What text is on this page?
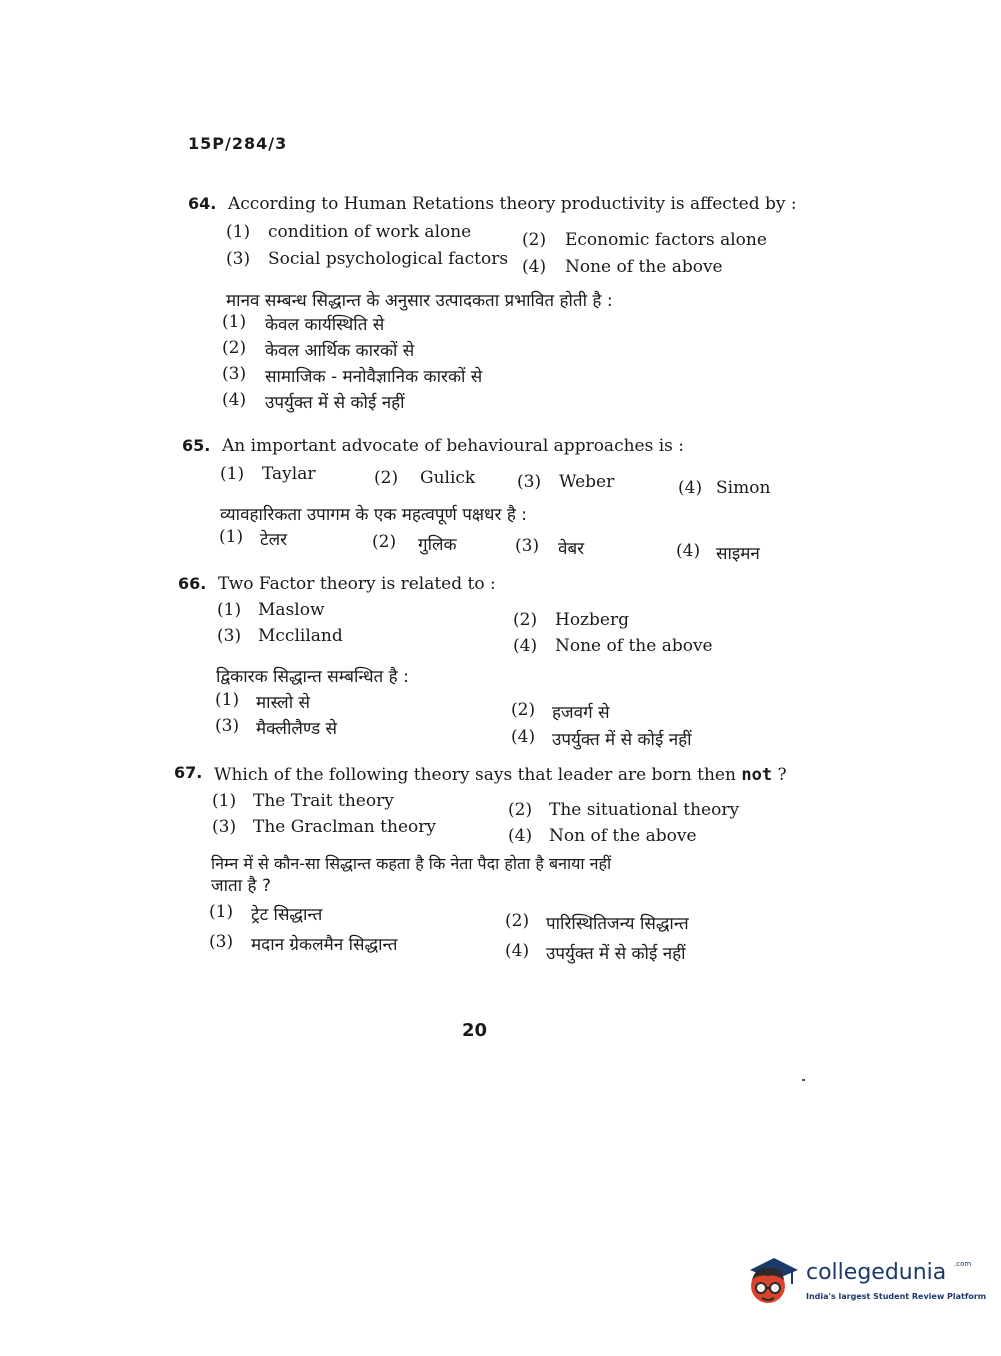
15P/284/3
64. According to Human Retations theory productivity is affected by :
(1) condition of work alone	(2) Economic factors alone
(3) Social psychological factors (4) None of the above
मानव सम्बन्ध सिद्धान्त के अनुसार उत्पादकता प्रभावित होती है :
(1) केवल कार्यस्थिति से
(2) केवल आर्थिक कारकों से
(3) सामाजिक - मनोवैज्ञानिक कारकों से
(4) उपर्युक्त में से कोई नहीं
65. An important advocate of behavioural approaches is :
(1) Taylar	(2) Gulick (3) Weber	(4) Simon
व्यावहारिकता उपागम के एक महत्वपूर्ण पक्षधर है :
(1) टेलर	(2) गुलिक	(3) वेबर	(4) साइमन
66. Two Factor theory is related to :
(1) Maslow	(2) Hozberg
(3) Mccliland	(4) None of the above
द्विकारक सिद्धान्त सम्बन्धित है :
(1) मास्लो से	(2) हजवर्ग से
(3) मैक्लीलैण्ड से	(4) उपर्युक्त में से कोई नहीं
67. Which of the following theory says that leader are born then not ?
(1) The Trait theory	(2) The situational theory
(3) The Graclman theory	(4) Non of the above
निम्न में से कौन-सा सिद्धान्त कहता है कि नेता पैदा होता है बनाया नहीं
जाता है ?
(1) ट्रेट सिद्धान्त	(2) पारिस्थितिजन्य सिद्धान्त
(3) मदान ग्रेकलमैन सिद्धान्त	(4) उपर्युक्त में से कोई नहीं
20
collegedunia .com
India's largest Student Review Platform
